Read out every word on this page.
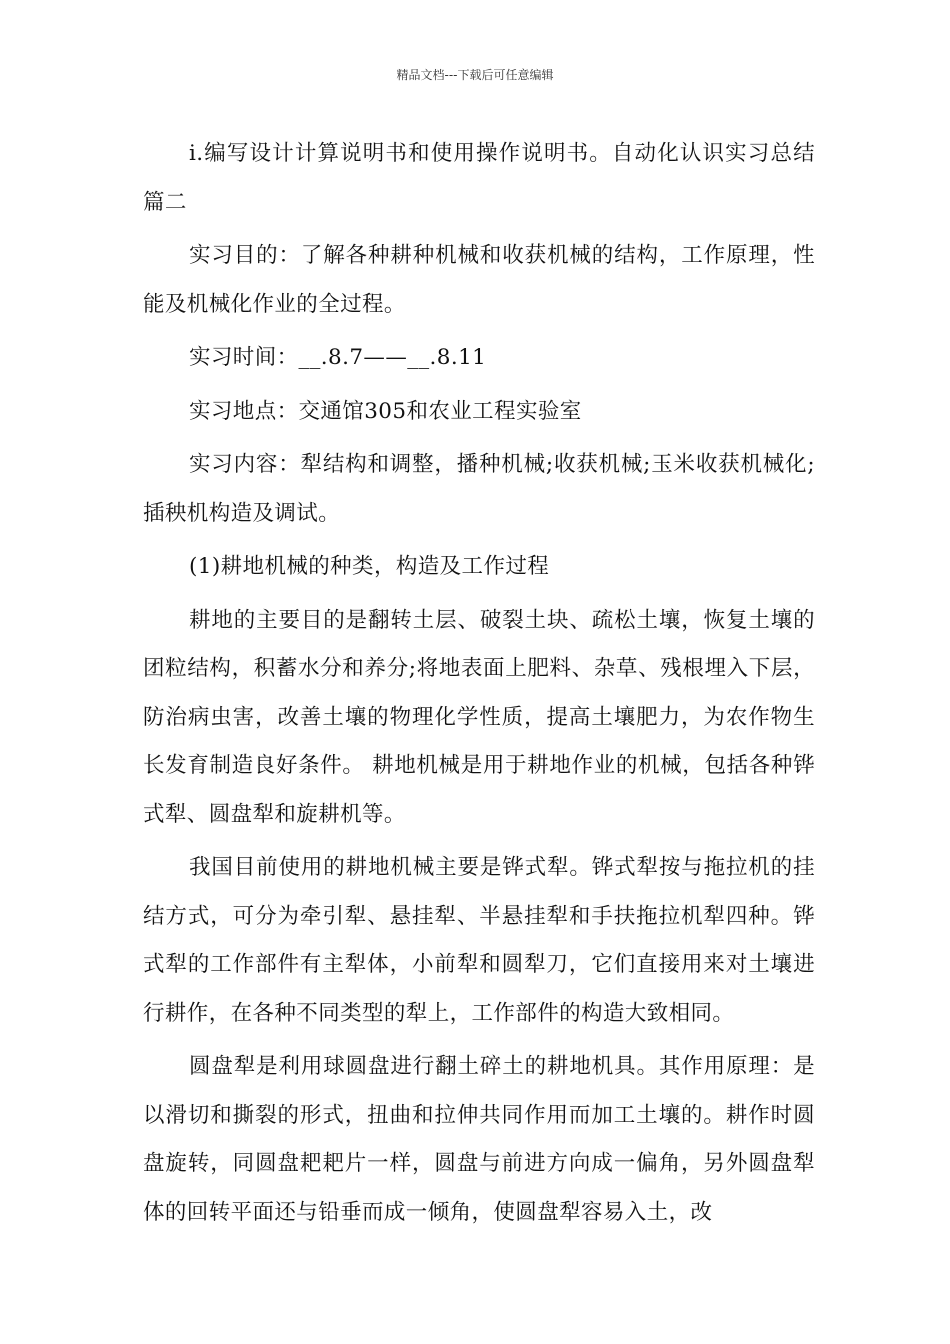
精品文档---下载后可任意编辑

i.编写设计计算说明书和使用操作说明书。自动化认识实习总结篇二

实习目的：了解各种耕种机械和收获机械的结构，工作原理，性能及机械化作业的全过程。

实习时间：__.8.7——__.8.11

实习地点：交通馆305和农业工程实验室

实习内容：犁结构和调整，播种机械;收获机械;玉米收获机械化;插秧机构造及调试。

(1)耕地机械的种类，构造及工作过程

耕地的主要目的是翻转土层、破裂土块、疏松土壤，恢复土壤的团粒结构，积蓄水分和养分;将地表面上肥料、杂草、残根埋入下层，防治病虫害，改善土壤的物理化学性质，提高土壤肥力，为农作物生长发育制造良好条件。 耕地机械是用于耕地作业的机械，包括各种铧式犁、圆盘犁和旋耕机等。

我国目前使用的耕地机械主要是铧式犁。铧式犁按与拖拉机的挂结方式，可分为牵引犁、悬挂犁、半悬挂犁和手扶拖拉机犁四种。铧式犁的工作部件有主犁体，小前犁和圆犁刀，它们直接用来对土壤进行耕作，在各种不同类型的犁上，工作部件的构造大致相同。

圆盘犁是利用球圆盘进行翻土碎土的耕地机具。其作用原理：是以滑切和撕裂的形式，扭曲和拉伸共同作用而加工土壤的。耕作时圆盘旋转，同圆盘耙耙片一样，圆盘与前进方向成一偏角，另外圆盘犁体的回转平面还与铅垂而成一倾角，使圆盘犁容易入土，改
